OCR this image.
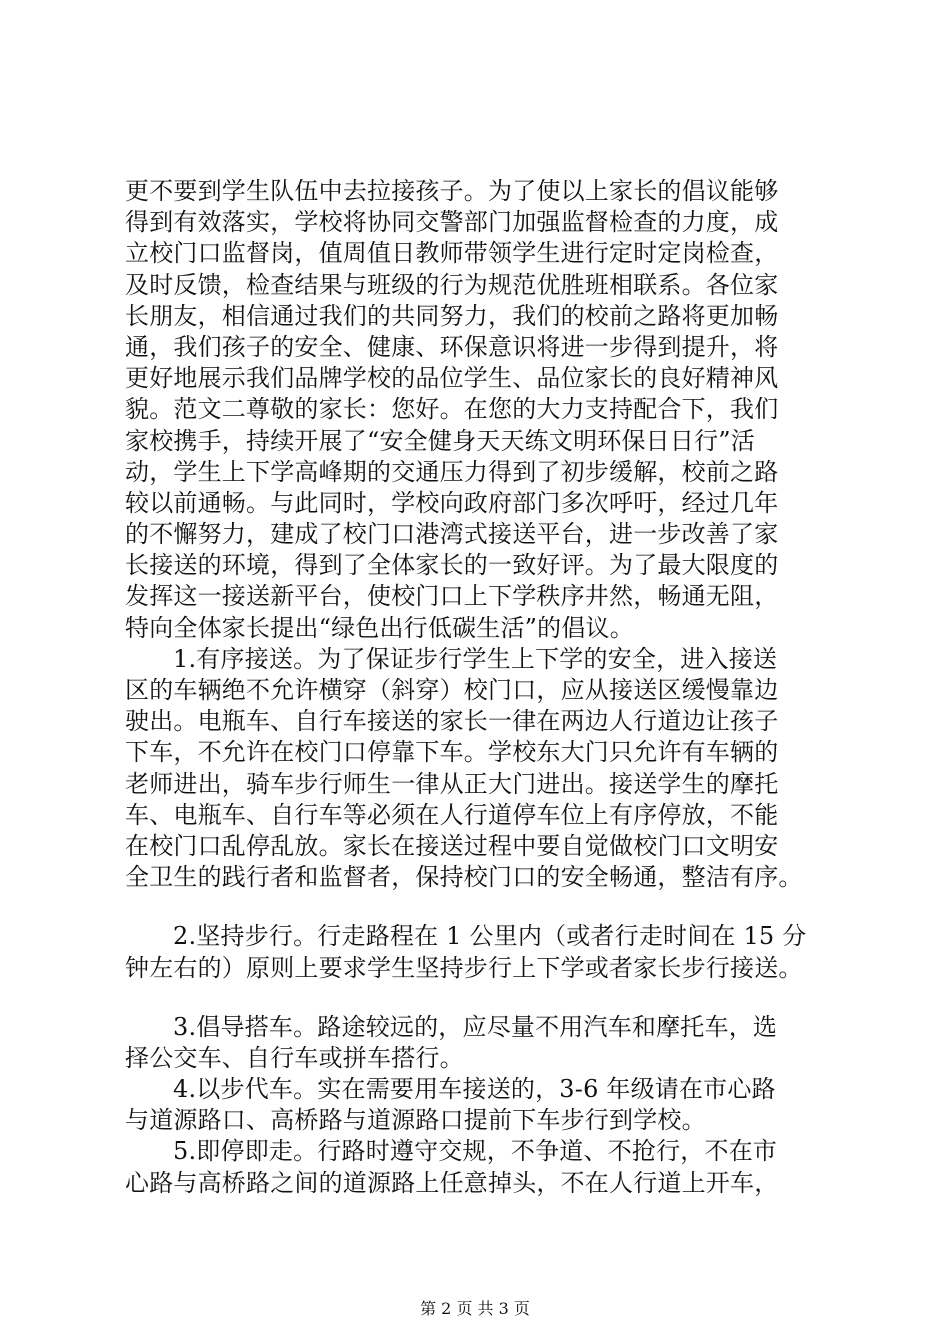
更不要到学生队伍中去拉接孩子。为了使以上家长的倡议能够
得到有效落实，学校将协同交警部门加强监督检查的力度，成
立校门口监督岗，值周值日教师带领学生进行定时定岗检查，
及时反馈，检查结果与班级的行为规范优胜班相联系。各位家
长朋友，相信通过我们的共同努力，我们的校前之路将更加畅
通，我们孩子的安全、健康、环保意识将进一步得到提升，将
更好地展示我们品牌学校的品位学生、品位家长的良好精神风
貌。范文二尊敬的家长：您好。在您的大力支持配合下，我们
家校携手，持续开展了“安全健身天天练文明环保日日行”活
动，学生上下学高峰期的交通压力得到了初步缓解，校前之路
较以前通畅。与此同时，学校向政府部门多次呼吁，经过几年
的不懈努力，建成了校门口港湾式接送平台，进一步改善了家
长接送的环境，得到了全体家长的一致好评。为了最大限度的
发挥这一接送新平台，使校门口上下学秩序井然，畅通无阻，
特向全体家长提出“绿色出行低碳生活”的倡议。
1.有序接送。为了保证步行学生上下学的安全，进入接送
区的车辆绝不允许横穿（斜穿）校门口，应从接送区缓慢靠边
驶出。电瓶车、自行车接送的家长一律在两边人行道边让孩子
下车，不允许在校门口停靠下车。学校东大门只允许有车辆的
老师进出，骑车步行师生一律从正大门进出。接送学生的摩托
车、电瓶车、自行车等必须在人行道停车位上有序停放，不能
在校门口乱停乱放。家长在接送过程中要自觉做校门口文明安
全卫生的践行者和监督者，保持校门口的安全畅通，整洁有序。
2.坚持步行。行走路程在 1 公里内（或者行走时间在 15 分
钟左右的）原则上要求学生坚持步行上下学或者家长步行接送。
3.倡导搭车。路途较远的，应尽量不用汽车和摩托车，选
择公交车、自行车或拼车搭行。
4.以步代车。实在需要用车接送的，3-6 年级请在市心路
与道源路口、高桥路与道源路口提前下车步行到学校。
5.即停即走。行路时遵守交规，不争道、不抢行，不在市
心路与高桥路之间的道源路上任意掉头，不在人行道上开车，
第 2 页 共 3 页
